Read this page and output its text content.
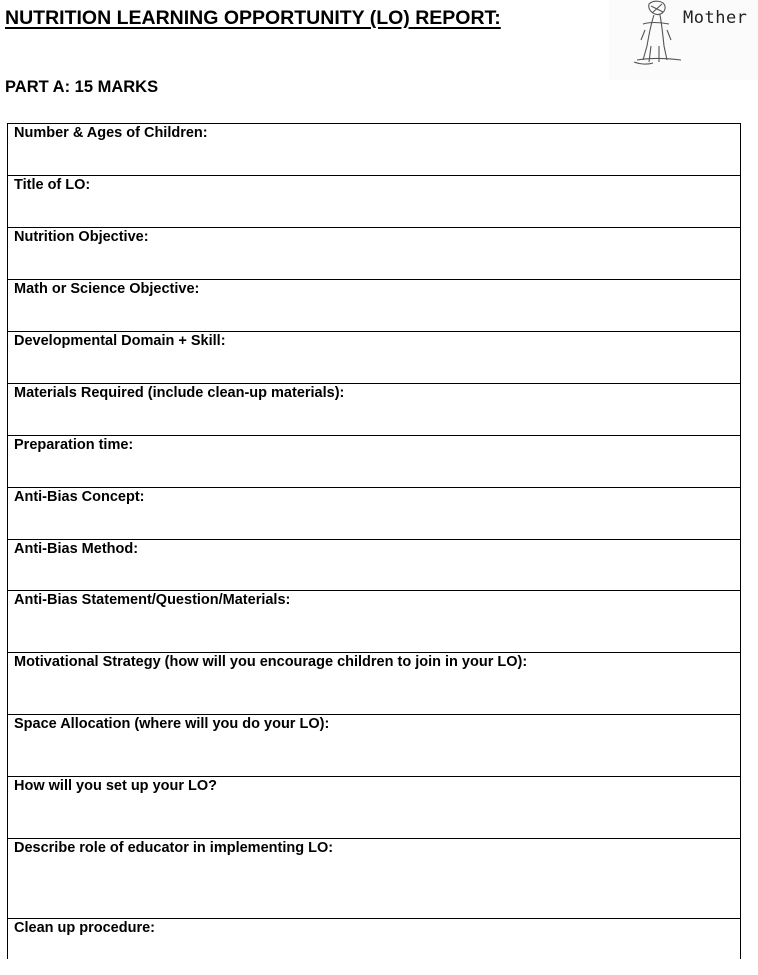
NUTRITION LEARNING OPPORTUNITY (LO) REPORT:	Mother
PART A: 15 MARKS
Number & Ages of Children:
Title of LO:
Nutrition Objective:
Math or Science Objective:
Developmental Domain + Skill:
Materials Required (include clean-up materials):
Preparation time:
Anti-Bias Concept:
Anti-Bias Method:
Anti-Bias Statement/Question/Materials:
Motivational Strategy (how will you encourage children to join in your LO):
Space Allocation (where will you do your LO):
How will you set up your LO?
Describe role of educator in implementing LO:
Clean up procedure:
